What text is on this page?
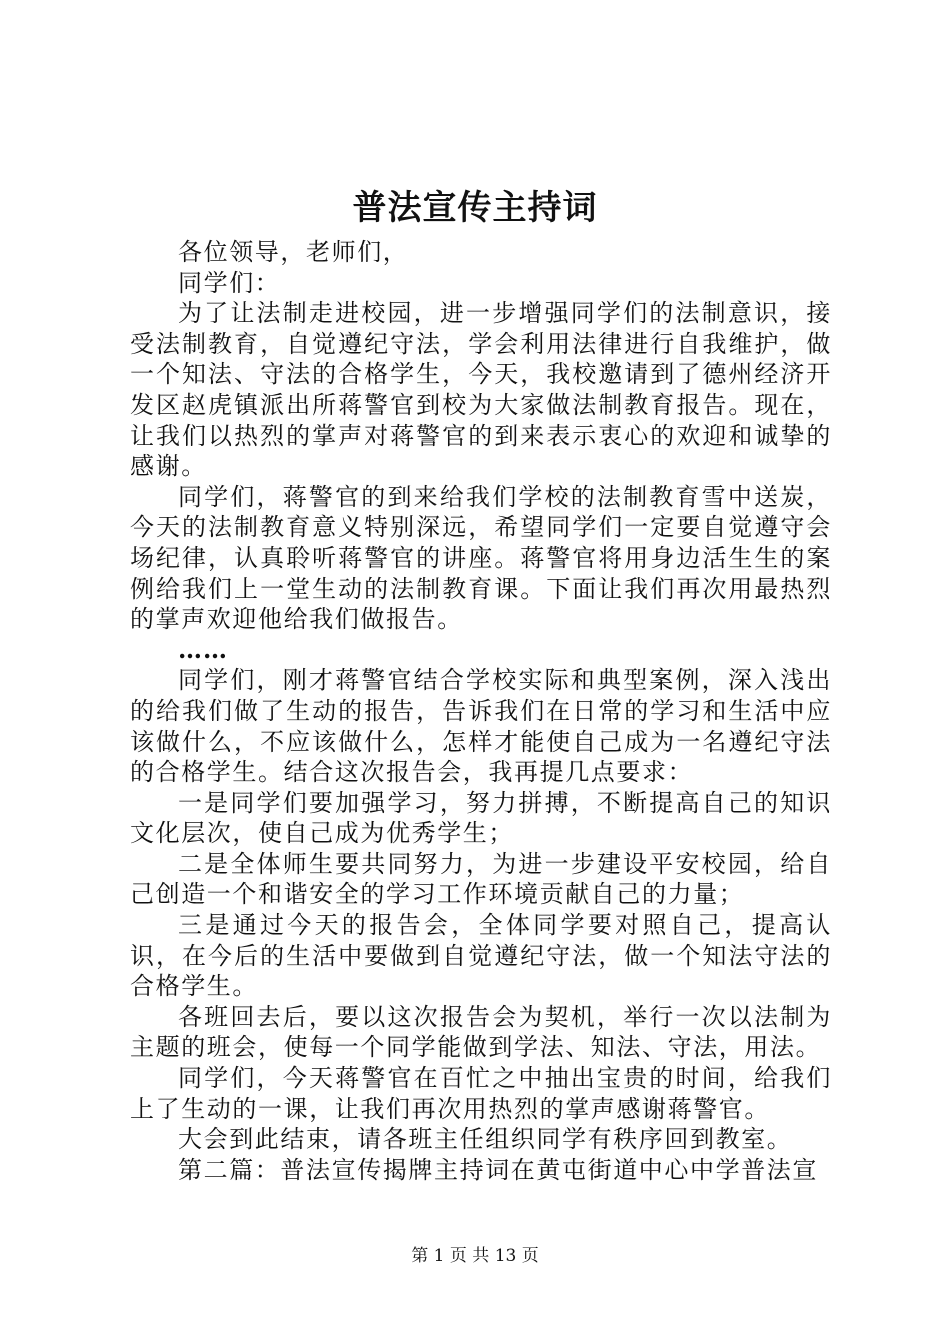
普法宣传主持词

各位领导，老师们，

同学们：

为了让法制走进校园，进一步增强同学们的法制意识，接受法制教育，自觉遵纪守法，学会利用法律进行自我维护，做一个知法、守法的合格学生，今天，我校邀请到了德州经济开发区赵虎镇派出所蒋警官到校为大家做法制教育报告。现在，让我们以热烈的掌声对蒋警官的到来表示衷心的欢迎和诚挚的感谢。

同学们，蒋警官的到来给我们学校的法制教育雪中送炭，今天的法制教育意义特别深远，希望同学们一定要自觉遵守会场纪律，认真聆听蒋警官的讲座。蒋警官将用身边活生生的案例给我们上一堂生动的法制教育课。下面让我们再次用最热烈的掌声欢迎他给我们做报告。

……

同学们，刚才蒋警官结合学校实际和典型案例，深入浅出的给我们做了生动的报告，告诉我们在日常的学习和生活中应该做什么，不应该做什么，怎样才能使自己成为一名遵纪守法的合格学生。结合这次报告会，我再提几点要求：

一是同学们要加强学习，努力拼搏，不断提高自己的知识文化层次，使自己成为优秀学生；

二是全体师生要共同努力，为进一步建设平安校园，给自己创造一个和谐安全的学习工作环境贡献自己的力量；

三是通过今天的报告会，全体同学要对照自己，提高认识，在今后的生活中要做到自觉遵纪守法，做一个知法守法的合格学生。

各班回去后，要以这次报告会为契机，举行一次以法制为主题的班会，使每一个同学能做到学法、知法、守法，用法。

同学们，今天蒋警官在百忙之中抽出宝贵的时间，给我们上了生动的一课，让我们再次用热烈的掌声感谢蒋警官。

大会到此结束，请各班主任组织同学有秩序回到教室。

第二篇：普法宣传揭牌主持词在黄屯街道中心中学普法宣

第 1 页 共 13 页
